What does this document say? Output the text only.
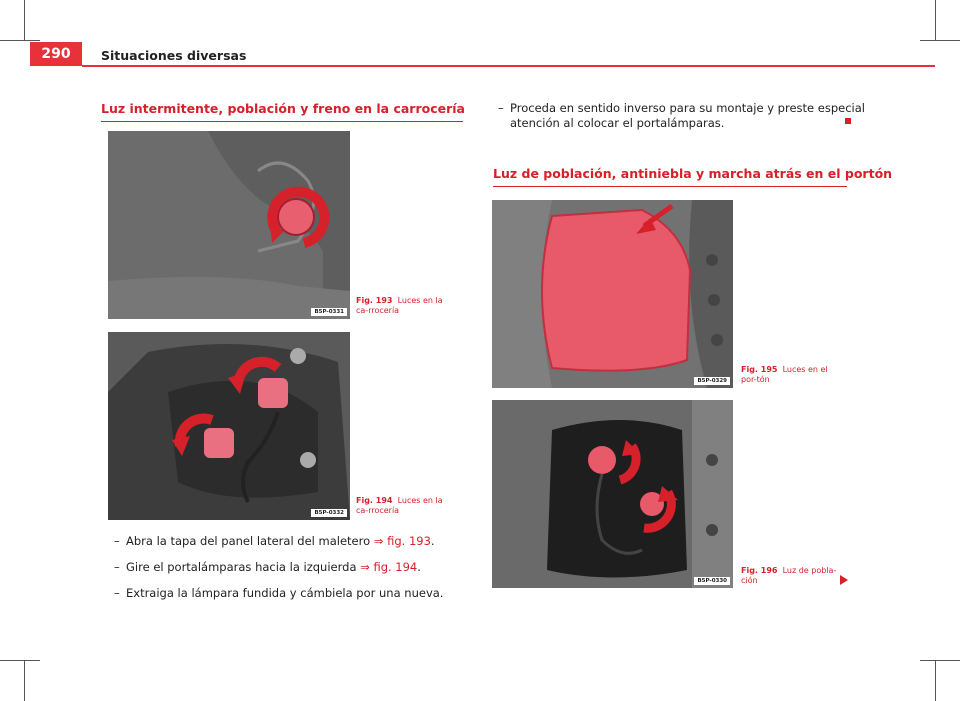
290	Situaciones diversas
Luz intermitente, población y freno en la carrocería
B5P-0331
Fig. 193 Luces en la ca-rrocería
B5P-0332
Fig. 194 Luces en la ca-rrocería
– Abra la tapa del panel lateral del maletero ⇒ fig. 193.
– Gire el portalámparas hacia la izquierda ⇒ fig. 194.
– Extraiga la lámpara fundida y cámbiela por una nueva.
– Proceda en sentido inverso para su montaje y preste especial
atención al colocar el portalámparas.
Luz de población, antiniebla y marcha atrás en el portón
B5P-0329
Fig. 195 Luces en el por-tón
B5P-0330
Fig. 196 Luz de pobla-ción
